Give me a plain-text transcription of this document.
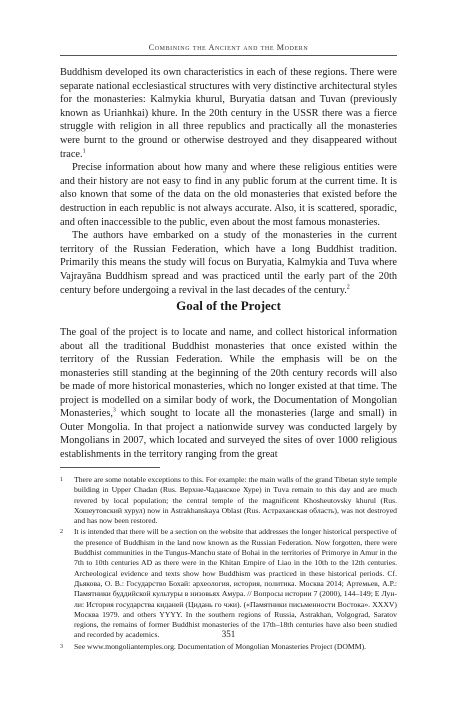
Combining the Ancient and the Modern

Buddhism developed its own characteristics in each of these regions. There were separate national ecclesiastical structures with very distinctive architectural styles for the monasteries: Kalmykia khurul, Buryatia datsan and Tuvan (previously known as Urianhkai) khure. In the 20th century in the USSR there was a fierce struggle with religion in all three republics and practically all the monasteries were burnt to the ground or otherwise destroyed and they disappeared without trace.$^1$

Precise information about how many and where these religious entities were and their history are not easy to find in any public forum at the current time. It is also known that some of the data on the old monasteries that existed before the destruction in each republic is not always accurate. Also, it is scattered, sporadic, and often inaccessible to the public, even about the most famous monasteries.

The authors have embarked on a study of the monasteries in the current territory of the Russian Federation, which have a long Buddhist tradition. Primarily this means the study will focus on Buryatia, Kalmykia and Tuva where Vajrayāna Buddhism spread and was practiced until the early part of the 20th century before undergoing a revival in the last decades of the century.$^2$

Goal of the Project

The goal of the project is to locate and name, and collect historical information about all the traditional Buddhist monasteries that once existed within the territory of the Russian Federation. While the emphasis will be on the monasteries still standing at the beginning of the 20th century records will also be made of more historical monasteries, which no longer existed at that time. The project is modelled on a similar body of work, the Documentation of Mongolian Monasteries,$^3$ which sought to locate all the monasteries (large and small) in Outer Mongolia. In that project a nationwide survey was conducted largely by Mongolians in 2007, which located and surveyed the sites of over 1000 religious establishments in the territory ranging from the great

1 There are some notable exceptions to this. For example: the main walls of the grand Tibetan style temple building in Upper Chadan (Rus. Верхне-Чаданское Хуре) in Tuva remain to this day and are much revered by local population; the central temple of the magnificent Khosheutovsky khurul (Rus. Хошеутовский хурул) now in Astrakhanskaya Oblast (Rus. Астраханская область), was not destroyed and has now been restored.
2 It is intended that there will be a section on the website that addresses the longer historical perspective of the presence of Buddhism in the land now known as the Russian Federation. Now forgotten, there were Buddhist communities in the Tungus-Manchu state of Bohai in the territories of Primorye in Amur in the 7th to 10th centuries AD as there were in the Khitan Empire of Liao in the 10th to the 12th centuries. Archeological evidence and texts show how Buddhism was practiced in these historical periods. Cf. Дьякова, О. В.: Государство Бохай: археология, история, политика. Москва 2014; Артемьев, А.Р.: Памятники буддийской культуры в низовьях Амура. // Вопросы истории 7 (2000), 144–149; Е Лун-ли: История государства киданей (Цидань го чжи). («Памятники письменности Востока». XXXV) Москва 1979. and others YYYY. In the southern regions of Russia, Astrakhan, Volgograd, Saratov regions, the remains of former Buddhist monasteries of the 17th–18th centuries have also been studied and recorded by academics.
3 See www.mongoliantemples.org. Documentation of Mongolian Monasteries Project (DOMM).
351
